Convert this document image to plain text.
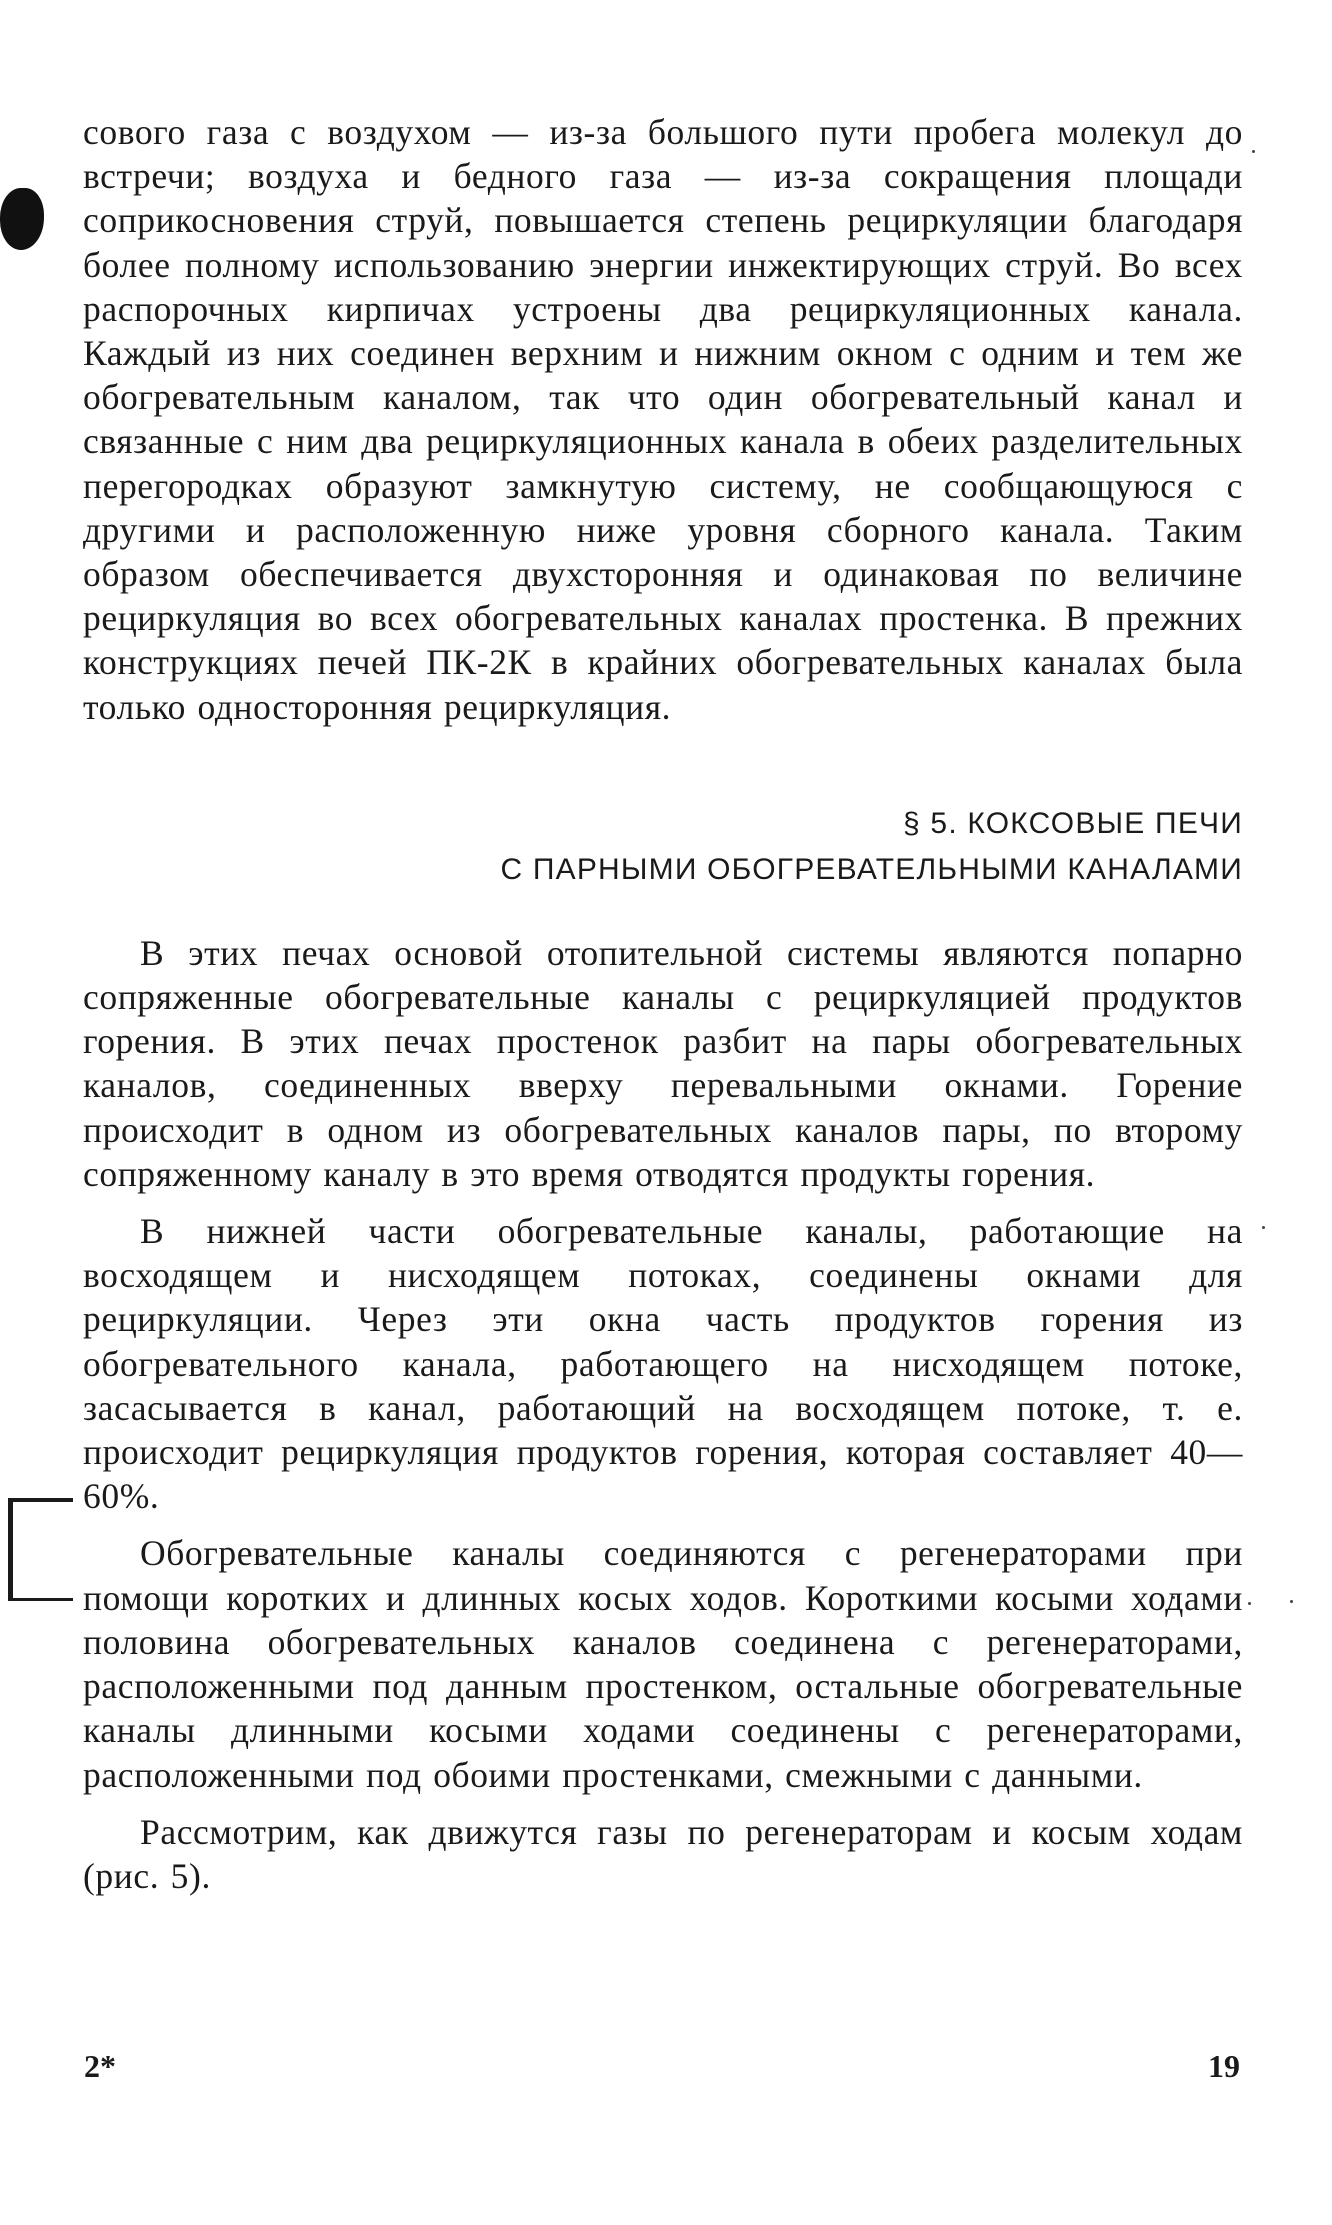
сового газа с воздухом — из-за большого пути пробега молекул до встречи; воздуха и бедного газа — из-за сокращения площади соприкосновения струй, повышается степень рециркуляции благодаря более полному использованию энергии инжектирующих струй. Во всех распорочных кирпичах устроены два рециркуляционных канала. Каждый из них соединен верхним и нижним окном с одним и тем же обогревательным каналом, так что один обогревательный канал и связанные с ним два рециркуляционных канала в обеих разделительных перегородках образуют замкнутую систему, не сообщающуюся с другими и расположенную ниже уровня сборного канала. Таким образом обеспечивается двухсторонняя и одинаковая по величине рециркуляция во всех обогревательных каналах простенка. В прежних конструкциях печей ПК-2К в крайних обогревательных каналах была только односторонняя рециркуляция.

§ 5. КОКСОВЫЕ ПЕЧИ

С ПАРНЫМИ ОБОГРЕВАТЕЛЬНЫМИ КАНАЛАМИ

В этих печах основой отопительной системы являются попарно сопряженные обогревательные каналы с рециркуляцией продуктов горения. В этих печах простенок разбит на пары обогревательных каналов, соединенных вверху перевальными окнами. Горение происходит в одном из обогревательных каналов пары, по второму сопряженному каналу в это время отводятся продукты горения.

В нижней части обогревательные каналы, работающие на восходящем и нисходящем потоках, соединены окнами для рециркуляции. Через эти окна часть продуктов горения из обогревательного канала, работающего на нисходящем потоке, засасывается в канал, работающий на восходящем потоке, т. е. происходит рециркуляция продуктов горения, которая составляет 40—60%.

Обогревательные каналы соединяются с регенераторами при помощи коротких и длинных косых ходов. Короткими косыми ходами половина обогревательных каналов соединена с регенераторами, расположенными под данным простенком, остальные обогревательные каналы длинными косыми ходами соединены с регенераторами, расположенными под обоими простенками, смежными с данными.

Рассмотрим, как движутся газы по регенераторам и косым ходам (рис. 5).

2*	19
